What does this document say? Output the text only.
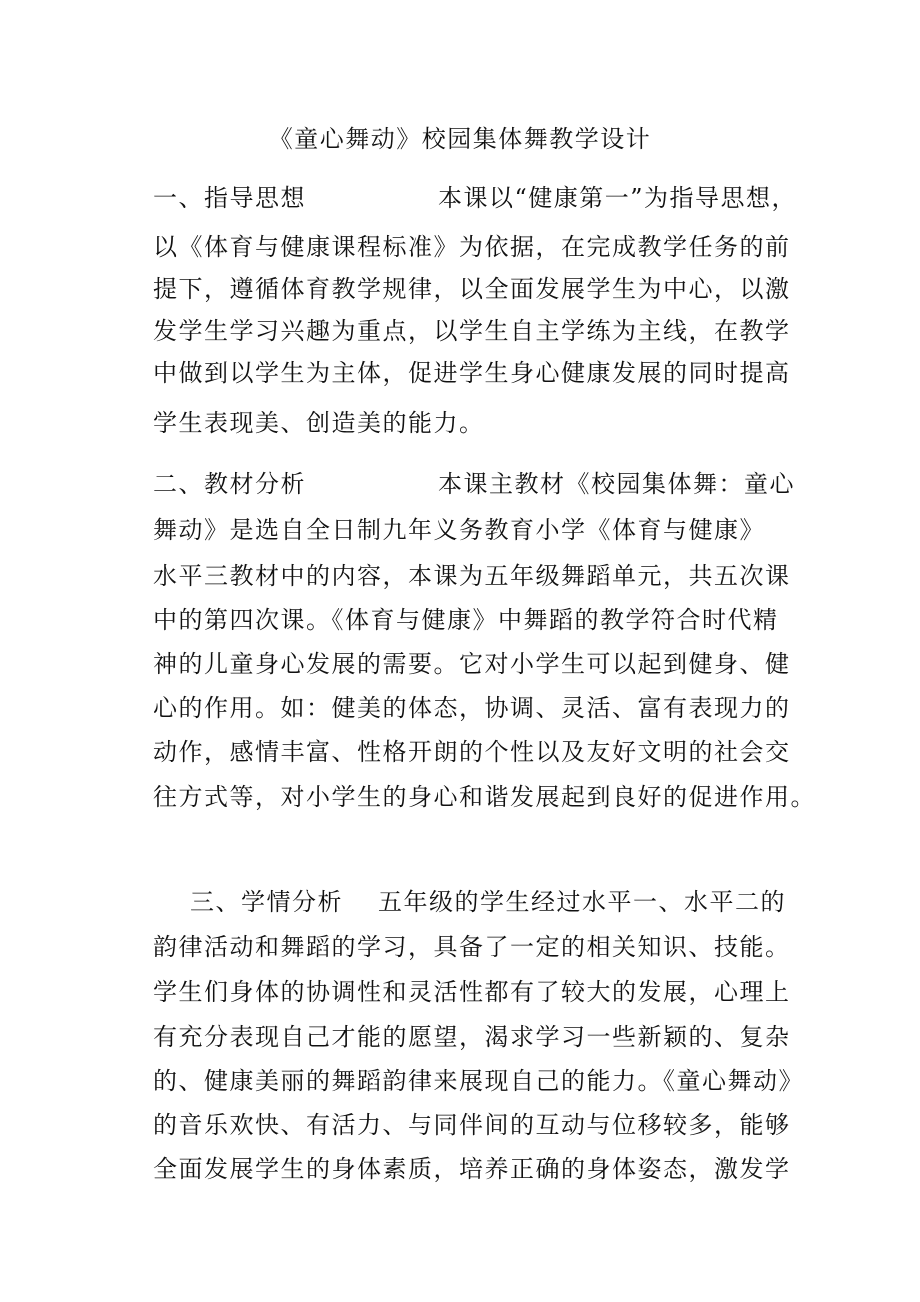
《童心舞动》校园集体舞教学设计
一、指导思想	本课以“健康第一”为指导思想，
以《体育与健康课程标准》为依据，在完成教学任务的前
提下，遵循体育教学规律，以全面发展学生为中心，以激
发学生学习兴趣为重点，以学生自主学练为主线，在教学
中做到以学生为主体，促进学生身心健康发展的同时提高
学生表现美、创造美的能力。
二、教材分析	本课主教材《校园集体舞：童心
舞动》是选自全日制九年义务教育小学《体育与健康》
水平三教材中的内容，本课为五年级舞蹈单元，共五次课
中的第四次课。《体育与健康》中舞蹈的教学符合时代精
神的儿童身心发展的需要。它对小学生可以起到健身、健
心的作用。如：健美的体态，协调、灵活、富有表现力的
动作，感情丰富、性格开朗的个性以及友好文明的社会交
往方式等，对小学生的身心和谐发展起到良好的促进作用。
三、学情分析	五年级的学生经过水平一、水平二的
韵律活动和舞蹈的学习，具备了一定的相关知识、技能。
学生们身体的协调性和灵活性都有了较大的发展，心理上
有充分表现自己才能的愿望，渴求学习一些新颖的、复杂
的、健康美丽的舞蹈韵律来展现自己的能力。《童心舞动》
的音乐欢快、有活力、与同伴间的互动与位移较多，能够
全面发展学生的身体素质，培养正确的身体姿态，激发学
